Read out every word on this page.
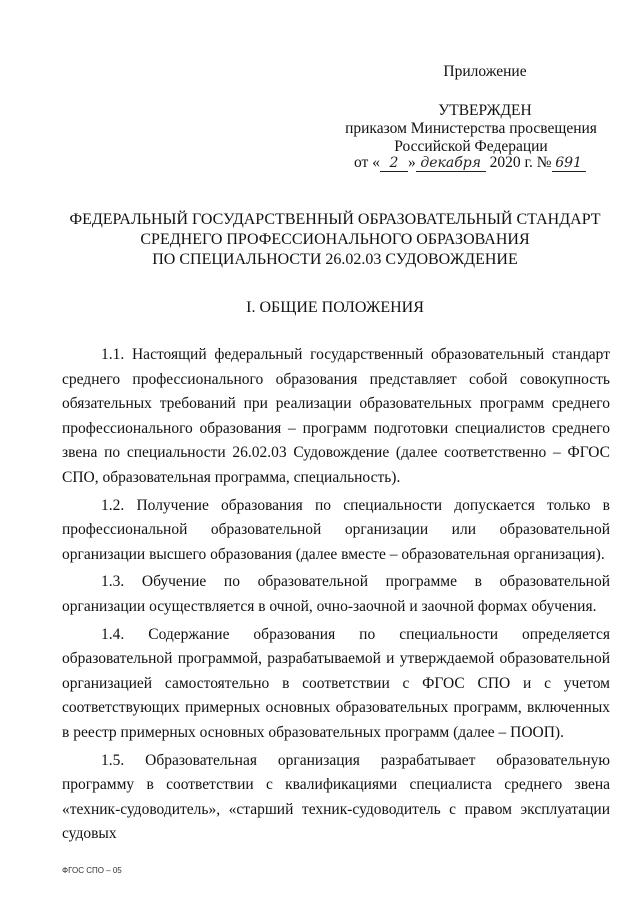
Приложение
УТВЕРЖДЕН
приказом Министерства просвещения
Российской Федерации
от « 2 » декабря 2020 г. № 691
ФЕДЕРАЛЬНЫЙ ГОСУДАРСТВЕННЫЙ ОБРАЗОВАТЕЛЬНЫЙ СТАНДАРТ
СРЕДНЕГО ПРОФЕССИОНАЛЬНОГО ОБРАЗОВАНИЯ
ПО СПЕЦИАЛЬНОСТИ 26.02.03 СУДОВОЖДЕНИЕ
I. ОБЩИЕ ПОЛОЖЕНИЯ

1.1. Настоящий федеральный государственный образовательный стандарт среднего профессионального образования представляет собой совокупность обязательных требований при реализации образовательных программ среднего профессионального образования – программ подготовки специалистов среднего звена по специальности 26.02.03 Судовождение (далее соответственно – ФГОС СПО, образовательная программа, специальность).

1.2. Получение образования по специальности допускается только в профессиональной образовательной организации или образовательной организации высшего образования (далее вместе – образовательная организация).

1.3. Обучение по образовательной программе в образовательной организации осуществляется в очной, очно-заочной и заочной формах обучения.

1.4. Содержание образования по специальности определяется образовательной программой, разрабатываемой и утверждаемой образовательной организацией самостоятельно в соответствии с ФГОС СПО и с учетом соответствующих примерных основных образовательных программ, включенных в реестр примерных основных образовательных программ (далее – ПООП).

1.5. Образовательная организация разрабатывает образовательную программу в соответствии с квалификациями специалиста среднего звена «техник-судоводитель», «старший техник-судоводитель с правом эксплуатации судовых

ФГОС СПО – 05
